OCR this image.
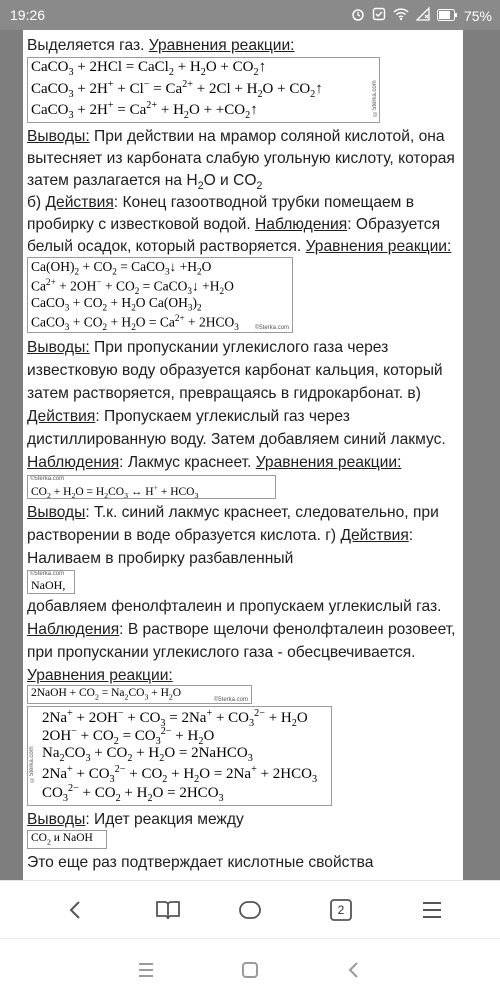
19:26	75%
Выделяется газ. Уравнения реакции:
CaCO$_3$ + 2HCl = CaCl$_2$ + $H_2O$ + $CO_2↑$
CaCO$_3$ + $2H^+ + Cl^- = Ca^{2+} + 2Cl + H_2O$ + $CO_2↑$
CaCO$_3$ + $2H^+ = Ca^{2+} + H_2O$ + $+CO_2↑$	©5terka.com
Выводы: При действии на мрамор соляной кислотой, она
вытесняет из карбоната слабую угольную кислоту, которая
затем разлагается на $H_2O$ и $CO_2$
б) Действия: Конец газоотводной трубки помещаем в
пробирку с известковой водой. Наблюдения: Образуется
белый осадок, который растворяется. Уравнения реакции:
$Ca(OH)_2 + CO_2$ = CaCO$_3$↓ $+H_2O$
$Ca^{2+} + 2OH^- + CO_2$ = CaCO$_3$↓ $+H_2O$
CaCO$_3$ + $CO_2 + H_2O$ $Ca(OH_3)_2$
CaCO$_3$ + $CO_2 + H_2O = Ca^{2+} + 2HCO_3$	©5terka.com
Выводы: При пропускании углекислого газа через
известковую воду образуется карбонат кальция, который
затем растворяется, превращаясь в гидрокарбонат. в)
Действия: Пропускаем углекислый газ через
дистиллированную воду. Затем добавляем синий лакмус.
Наблюдения: Лакмус краснеет. Уравнения реакции:
©5terka.com
$CO_2 + H_2O = H_2CO_3$ ↔ $H^+ + HCO_3$
Выводы: Т.к. синий лакмус краснеет, следовательно, при
растворении в воде образуется кислота. г) Действия:
Наливаем в пробирку разбавленный
©5terka.com
NaOH,
добавляем фенолфталеин и пропускаем углекислый газ.
Наблюдения: В растворе щелочи фенолфталеин розовеет,
при пропускании углекислого газа - обесцвечивается.
Уравнения реакции:
2NaOH + $CO_2 = Na_2CO_3 + H_2O$
©5terka.com
$2Na^+ + 2OH^- + CO_3 = 2Na^+ + CO_3^{2-} + H_2O$
$2OH^- + CO_2 = CO_3^{2-} + H_2O$
$Na_2CO_3 + CO_2 + H_2O$ = 2NaHCO$_3$
$2Na^+ + CO_3^{2-} + CO_2 + H_2O = 2Na^+ + 2HCO_3$
$CO_3^{2-} + CO_2 + H_2O = 2HCO_3$
©5terka.com
Выводы: Идет реакция между
$CO_2$ и NaOH
Это еще раз подтверждает кислотные свойства
2
